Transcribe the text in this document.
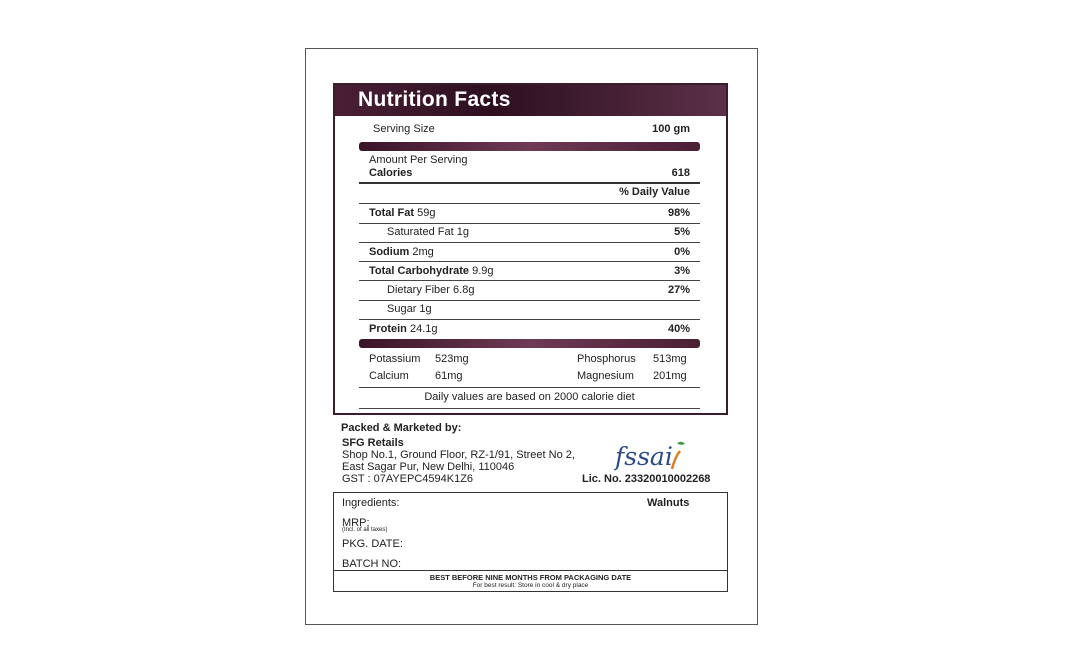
Nutrition Facts
Serving Size	100 gm
Amount Per Serving
Calories	618
% Daily Value
Total Fat 59g	98%
Saturated Fat 1g	5%
Sodium 2mg	0%
Total Carbohydrate 9.9g	3%
Dietary Fiber 6.8g	27%
Sugar 1g
Protein 24.1g	40%
Potassium 523mg	Phosphorus 513mg
Calcium 61mg	Magnesium 201mg
Daily values are based on 2000 calorie diet
Packed & Marketed by:
SFG Retails
Shop No.1, Ground Floor, RZ-1/91, Street No 2,
East Sagar Pur, New Delhi, 110046
GST : 07AYEPC4594K1Z6
fssai
Lic. No. 23320010002268
Ingredients:	Walnuts
MRP:
(Incl. of all taxes)
PKG. DATE:
BATCH NO:
BEST BEFORE NINE MONTHS FROM PACKAGING DATE
For best result: Store in cool & dry place
